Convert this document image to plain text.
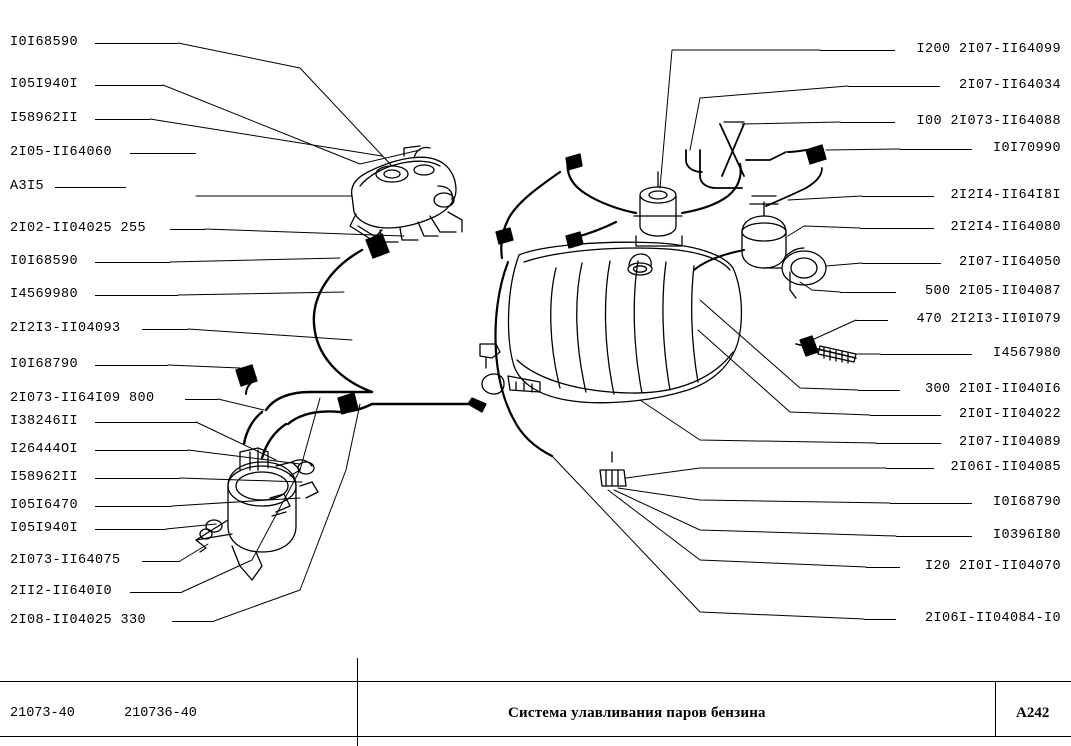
I0I68590
I05I940I
I58962II
2I05-II64060
A3I5
2I02-II04025 255
I0I68590
I4569980
2I2I3-II04093
I0I68790
2I073-II64I09 800
I38246II
I26444OI
I58962II
I05I6470
I05I940I
2I073-II64075
2II2-II640I0
2I08-II04025 330
I200 2I07-II64099
2I07-II64034
I00 2I073-II64088
I0I70990
2I2I4-II64I8I
2I2I4-II64080
2I07-II64050
500 2I05-II04087
470 2I2I3-II0I079
I4567980
300 2I0I-II040I6
2I0I-II04022
2I07-II04089
2I06I-II04085
I0I68790
I0396I80
I20 2I0I-II04070
2I06I-II04084-I0
21073-40	210736-40	Система улавливания паров бензина	A242
